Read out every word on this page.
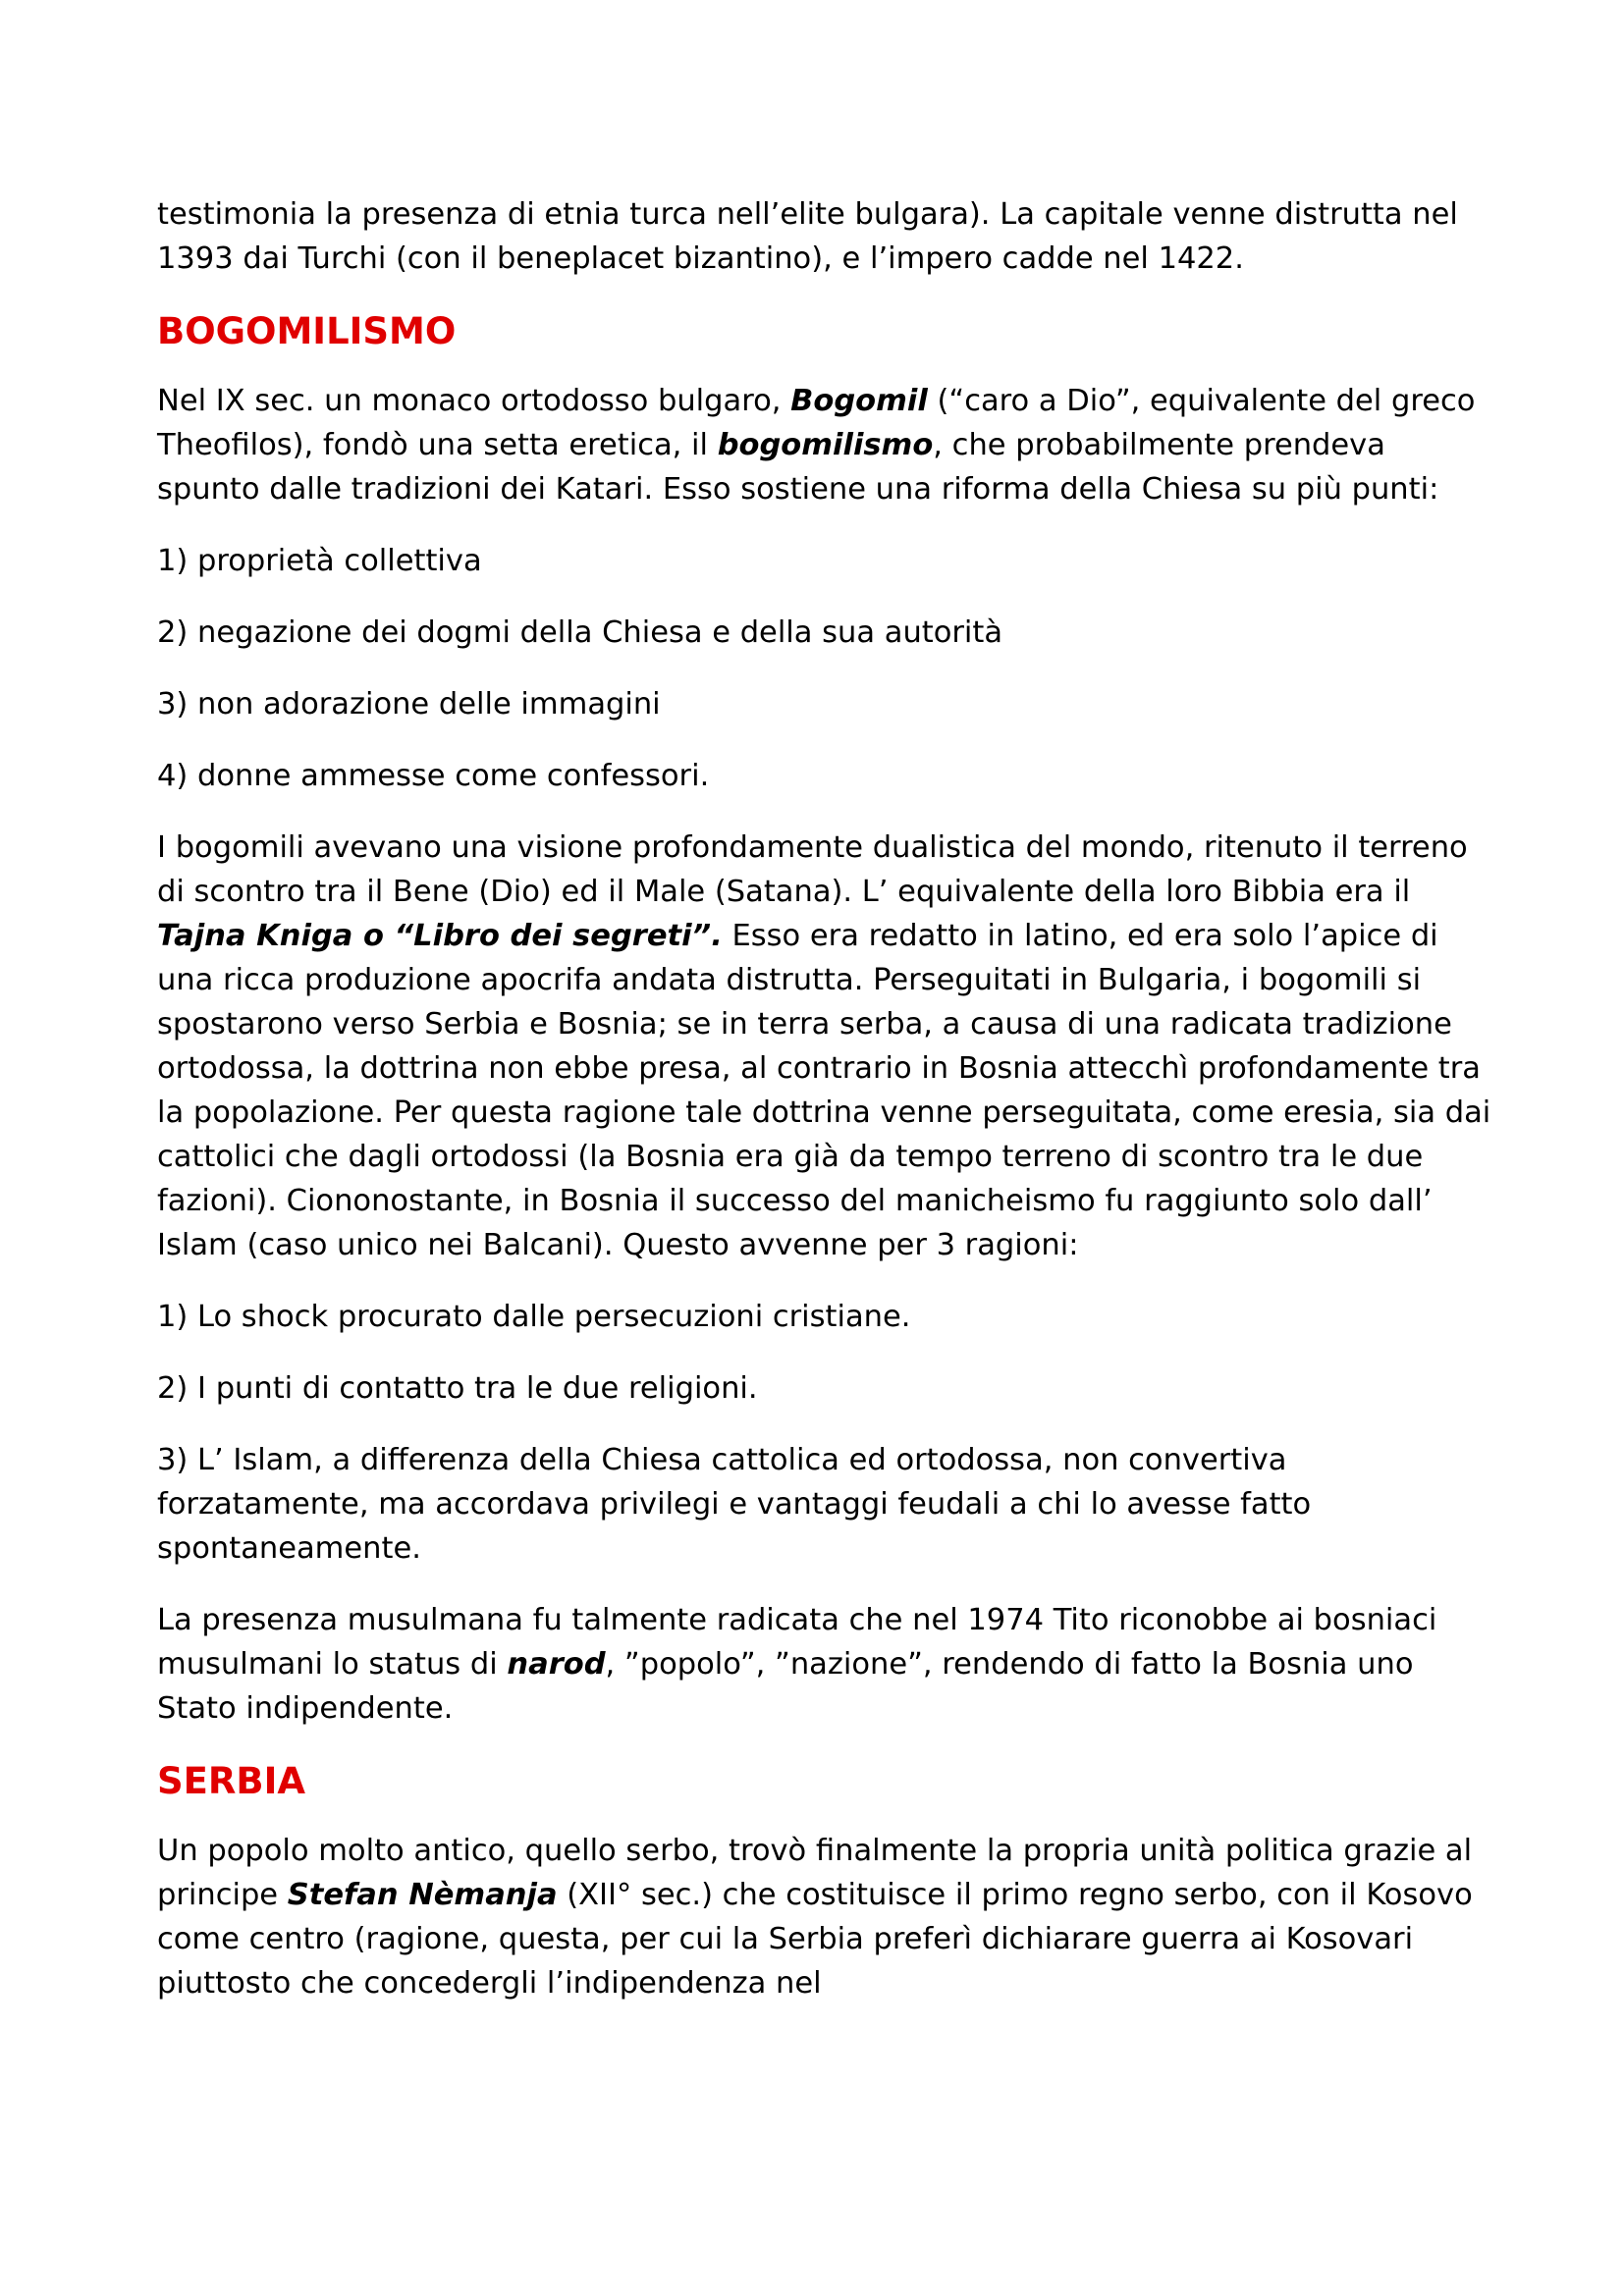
testimonia la presenza di etnia turca nell’elite bulgara). La capitale venne distrutta nel 1393 dai Turchi (con il beneplacet bizantino), e l’impero cadde nel 1422.

BOGOMILISMO

Nel IX sec. un monaco ortodosso bulgaro, Bogomil (“caro a Dio”, equivalente del greco Theofilos), fondò una setta eretica, il bogomilismo, che probabilmente prendeva spunto dalle tradizioni dei Katari. Esso sostiene una riforma della Chiesa su più punti:

1) proprietà collettiva

2) negazione dei dogmi della Chiesa e della sua autorità

3) non adorazione delle immagini

4) donne ammesse come confessori.

I bogomili avevano una visione profondamente dualistica del mondo, ritenuto il terreno di scontro tra il Bene (Dio) ed il Male (Satana). L’ equivalente della loro Bibbia era il Tajna Kniga o “Libro dei segreti”. Esso era redatto in latino, ed era solo l’apice di una ricca produzione apocrifa andata distrutta. Perseguitati in Bulgaria, i bogomili si spostarono verso Serbia e Bosnia; se in terra serba, a causa di una radicata tradizione ortodossa, la dottrina non ebbe presa, al contrario in Bosnia attecchì profondamente tra la popolazione. Per questa ragione tale dottrina venne perseguitata, come eresia, sia dai cattolici che dagli ortodossi (la Bosnia era già da tempo terreno di scontro tra le due fazioni). Ciononostante, in Bosnia il successo del manicheismo fu raggiunto solo dall’ Islam (caso unico nei Balcani). Questo avvenne per 3 ragioni:

1) Lo shock procurato dalle persecuzioni cristiane.

2) I punti di contatto tra le due religioni.

3) L’ Islam, a differenza della Chiesa cattolica ed ortodossa, non convertiva forzatamente, ma accordava privilegi e vantaggi feudali a chi lo avesse fatto spontaneamente.

La presenza musulmana fu talmente radicata che nel 1974 Tito riconobbe ai bosniaci musulmani lo status di narod, ”popolo”, ”nazione”, rendendo di fatto la Bosnia uno Stato indipendente.

SERBIA

Un popolo molto antico, quello serbo, trovò finalmente la propria unità politica grazie al principe Stefan Nèmanja (XII° sec.) che costituisce il primo regno serbo, con il Kosovo come centro (ragione, questa, per cui la Serbia preferì dichiarare guerra ai Kosovari piuttosto che concedergli l’indipendenza nel
